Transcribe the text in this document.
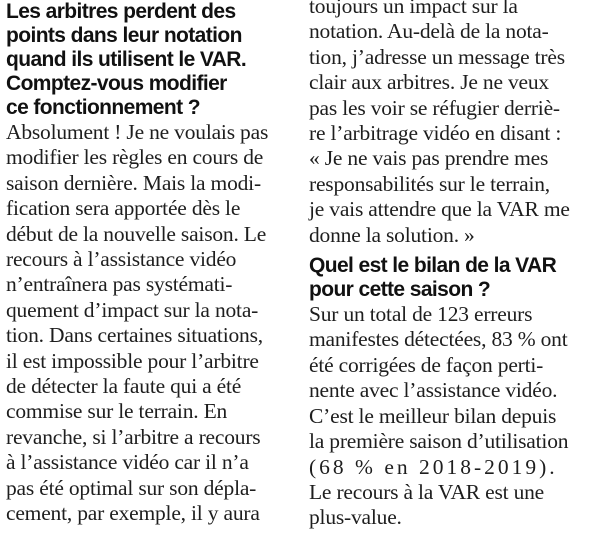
Les arbitres perdent des
points dans leur notation
quand ils utilisent le VAR.
Comptez-vous modifier
ce fonctionnement ?
Absolument ! Je ne voulais pas
modifier les règles en cours de
saison dernière. Mais la modi-
fication sera apportée dès le
début de la nouvelle saison. Le
recours à l’assistance vidéo
n’entraînera pas systémati-
quement d’impact sur la nota-
tion. Dans certaines situations,
il est impossible pour l’arbitre
de détecter la faute qui a été
commise sur le terrain. En
revanche, si l’arbitre a recours
à l’assistance vidéo car il n’a
pas été optimal sur son dépla-
cement, par exemple, il y aura
toujours un impact sur la
notation. Au-delà de la nota-
tion, j’adresse un message très
clair aux arbitres. Je ne veux
pas les voir se réfugier derriè-
re l’arbitrage vidéo en disant :
« Je ne vais pas prendre mes
responsabilités sur le terrain,
je vais attendre que la VAR me
donne la solution. »
Quel est le bilan de la VAR
pour cette saison ?
Sur un total de 123 erreurs
manifestes détectées, 83 % ont
été corrigées de façon perti-
nente avec l’assistance vidéo.
C’est le meilleur bilan depuis
la première saison d’utilisation
(68 % en 2018-2019).
Le recours à la VAR est une
plus-value.
